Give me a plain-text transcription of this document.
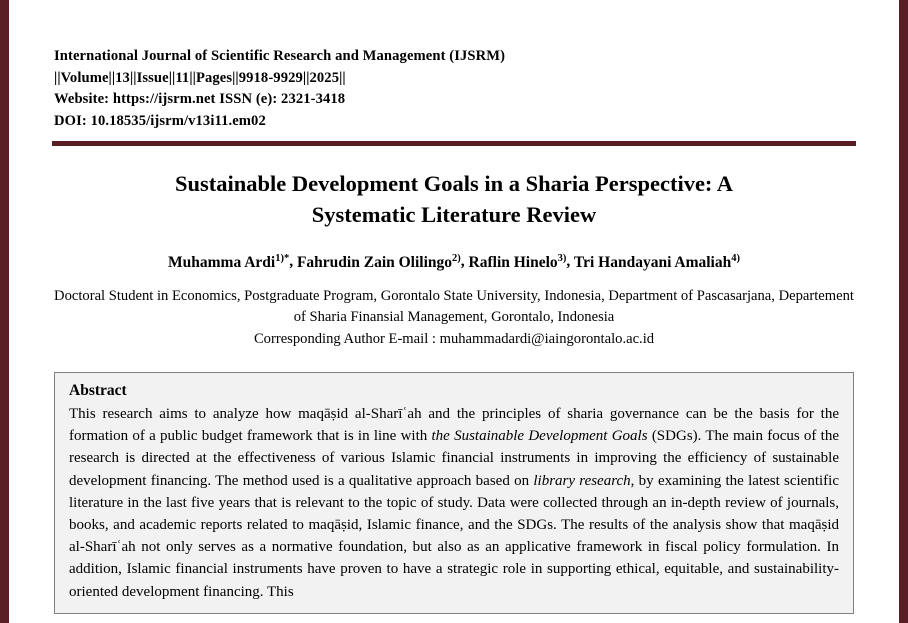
International Journal of Scientific Research and Management (IJSRM)
||Volume||13||Issue||11||Pages||9918-9929||2025||
Website: https://ijsrm.net ISSN (e): 2321-3418
DOI: 10.18535/ijsrm/v13i11.em02
Sustainable Development Goals in a Sharia Perspective: A
Systematic Literature Review
Muhamma Ardi$^{1)*}$, Fahrudin Zain Olilingo$^{2)}$, Raflin Hinelo$^{3)}$, Tri Handayani Amaliah$^{4)}$
Doctoral Student in Economics, Postgraduate Program, Gorontalo State University, Indonesia, Department of Pascasarjana, Departement of Sharia Finansial Management, Gorontalo, Indonesia
Corresponding Author E-mail : muhammadardi@iaingorontalo.ac.id
Abstract
This research aims to analyze how maqāṣid al-Sharīʿah and the principles of sharia governance can be the basis for the formation of a public budget framework that is in line with the Sustainable Development Goals (SDGs). The main focus of the research is directed at the effectiveness of various Islamic financial instruments in improving the efficiency of sustainable development financing. The method used is a qualitative approach based on library research, by examining the latest scientific literature in the last five years that is relevant to the topic of study. Data were collected through an in-depth review of journals, books, and academic reports related to maqāṣid, Islamic finance, and the SDGs. The results of the analysis show that maqāṣid al-Sharīʿah not only serves as a normative foundation, but also as an applicative framework in fiscal policy formulation. In addition, Islamic financial instruments have proven to have a strategic role in supporting ethical, equitable, and sustainability-oriented development financing. This
